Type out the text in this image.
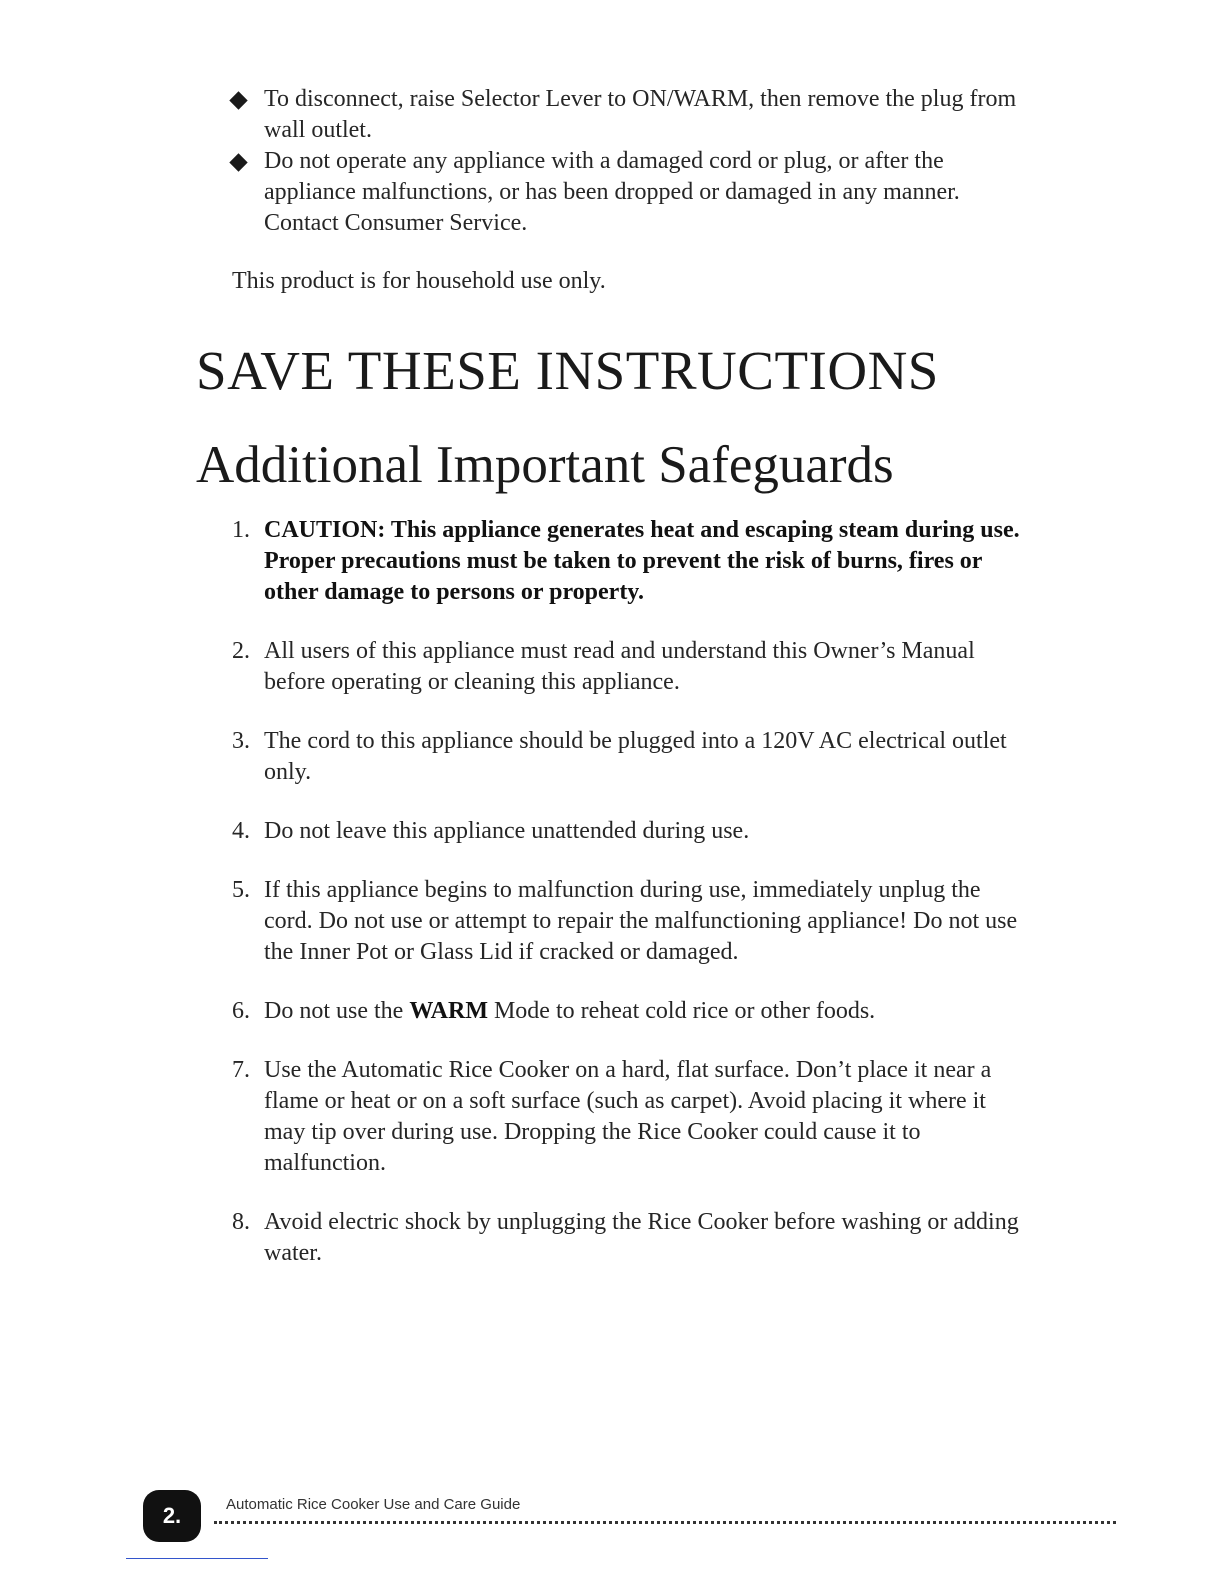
To disconnect, raise Selector Lever to ON/WARM, then remove the plug from wall outlet.
Do not operate any appliance with a damaged cord or plug, or after the appliance malfunctions, or has been dropped or damaged in any manner. Contact Consumer Service.

This product is for household use only.

SAVE THESE INSTRUCTIONS
Additional Important Safeguards
1. CAUTION: This appliance generates heat and escaping steam during use. Proper precautions must be taken to prevent the risk of burns, fires or other damage to persons or property.
2. All users of this appliance must read and understand this Owner’s Manual before operating or cleaning this appliance.
3. The cord to this appliance should be plugged into a 120V AC electrical outlet only.
4. Do not leave this appliance unattended during use.
5. If this appliance begins to malfunction during use, immediately unplug the cord. Do not use or attempt to repair the malfunctioning appliance! Do not use the Inner Pot or Glass Lid if cracked or damaged.
6. Do not use the WARM Mode to reheat cold rice or other foods.
7. Use the Automatic Rice Cooker on a hard, flat surface. Don’t place it near a flame or heat or on a soft surface (such as carpet). Avoid placing it where it may tip over during use. Dropping the Rice Cooker could cause it to malfunction.
8. Avoid electric shock by unplugging the Rice Cooker before washing or adding water.
2.	Automatic Rice Cooker Use and Care Guide
